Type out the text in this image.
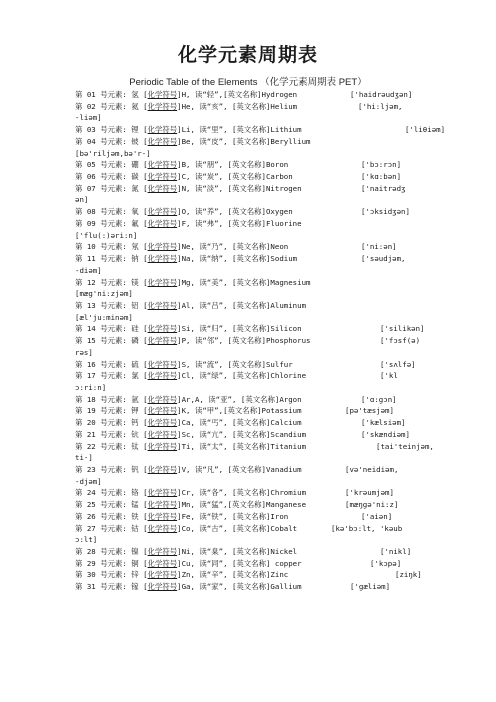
化学元素周期表
Periodic Table of the Elements （化学元素周期表 PET）
第 01 号元素: 氢 [化学符号]H, 读“轻”,[英文名称]Hydrogen	['haidrəudʒən]
第 02 号元素: 氦 [化学符号]He, 读“亥”, [英文名称]Helium	['hi:ljəm,
-liəm]
第 03 号元素: 锂 [化学符号]Li, 读“里”, [英文名称]Lithium	['liθiəm]
第 04 号元素: 铍 [化学符号]Be, 读“皮”, [英文名称]Beryllium
[bə'riljəm,bə'r-]
第 05 号元素: 硼 [化学符号]B, 读“朋”, [英文名称]Boron	['bɔ:rɔn]
第 06 号元素: 碳 [化学符号]C, 读“炭”, [英文名称]Carbon	['kɑ:bən]
第 07 号元素: 氮 [化学符号]N, 读“淡”, [英文名称]Nitrogen	['naitrədʒ
ən]
第 08 号元素: 氧 [化学符号]O, 读“养”, [英文名称]Oxygen	['ɔksidʒən]
第 09 号元素: 氟 [化学符号]F, 读“弗”, [英文名称]Fluorine
['flu(:)əri:n]
第 10 号元素: 氖 [化学符号]Ne, 读“乃”, [英文名称]Neon	['ni:ən]
第 11 号元素: 钠 [化学符号]Na, 读“纳”, [英文名称]Sodium	['səudjəm,
-diəm]
第 12 号元素: 镁 [化学符号]Mg, 读“美”, [英文名称]Magnesium
[mæg'ni:zjəm]
第 13 号元素: 铝 [化学符号]Al, 读“吕”, [英文名称]Aluminum
[æl'ju:minəm]
第 14 号元素: 硅 [化学符号]Si, 读“归”, [英文名称]Silicon	['silikən]
第 15 号元素: 磷 [化学符号]P, 读“邻”, [英文名称]Phosphorus	['fɔsf(ə)
rəs]
第 16 号元素: 硫 [化学符号]S, 读“流”, [英文名称]Sulfur	['sʌlfə]
第 17 号元素: 氯 [化学符号]Cl, 读“绿”, [英文名称]Chlorine	['kl
ɔ:ri:n]
第 18 号元素: 氩 [化学符号]Ar,A, 读“亚”, [英文名称]Argon	['ɑ:gɔn]
第 19 号元素: 钾 [化学符号]K, 读“甲”,[英文名称]Potassium	[pə'tæsjəm]
第 20 号元素: 钙 [化学符号]Ca, 读“丐”, [英文名称]Calcium	['kælsiəm]
第 21 号元素: 钪 [化学符号]Sc, 读“亢”, [英文名称]Scandium	['skændiəm]
第 22 号元素: 钛 [化学符号]Ti, 读“太”, [英文名称]Titanium	[tai'teinjəm,
ti-]
第 23 号元素: 钒 [化学符号]V, 读“凡”, [英文名称]Vanadium	[və'neidiəm,
-djəm]
第 24 号元素: 铬 [化学符号]Cr, 读“各”, [英文名称]Chromium	['krəumjəm]
第 25 号元素: 锰 [化学符号]Mn, 读“猛”,[英文名称]Manganese	[mæŋgə'ni:z]
第 26 号元素: 铁 [化学符号]Fe, 读“铁”, [英文名称]Iron	['aiən]
第 27 号元素: 钴 [化学符号]Co, 读“古”, [英文名称]Cobalt	[kə'bɔ:lt, 'kəub
ɔ:lt]
第 28 号元素: 镍 [化学符号]Ni, 读“臬”, [英文名称]Nickel	['nikl]
第 29 号元素: 铜 [化学符号]Cu, 读“同”, [英文名称] copper	['kɔpə]
第 30 号元素: 锌 [化学符号]Zn, 读“辛”, [英文名称]Zinc	[ziŋk]
第 31 号元素: 镓 [化学符号]Ga, 读“家”, [英文名称]Gallium	['gæliəm]
